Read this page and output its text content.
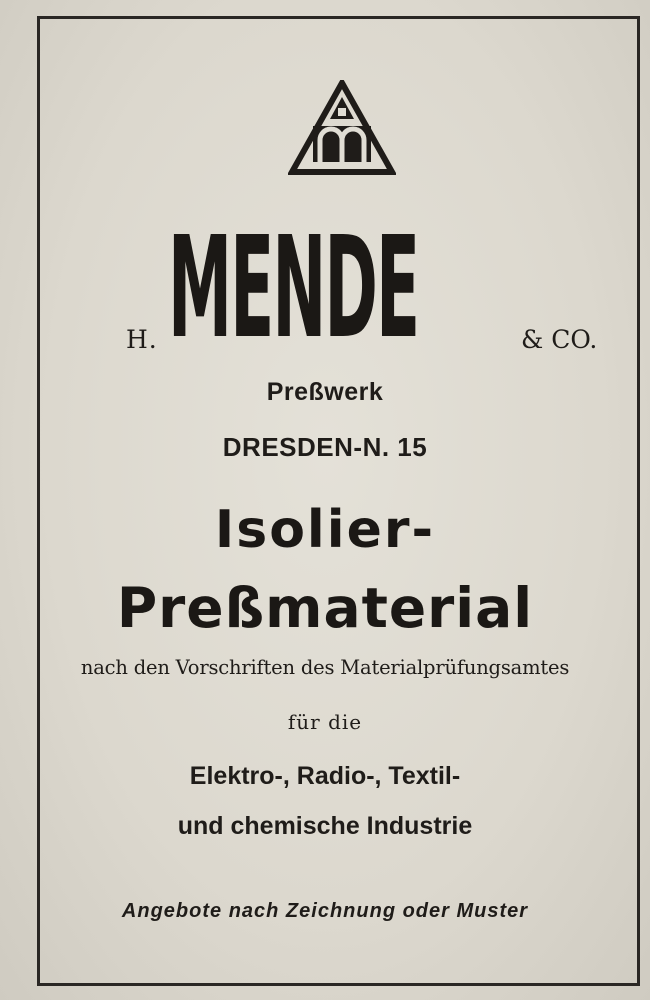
H. MENDE	& CO.
Preßwerk
DRESDEN-N. 15
Isolier-
Preßmaterial
nach den Vorschriften des Materialprüfungsamtes
für die
Elektro-, Radio-, Textil-
und chemische Industrie
Angebote nach Zeichnung oder Muster
